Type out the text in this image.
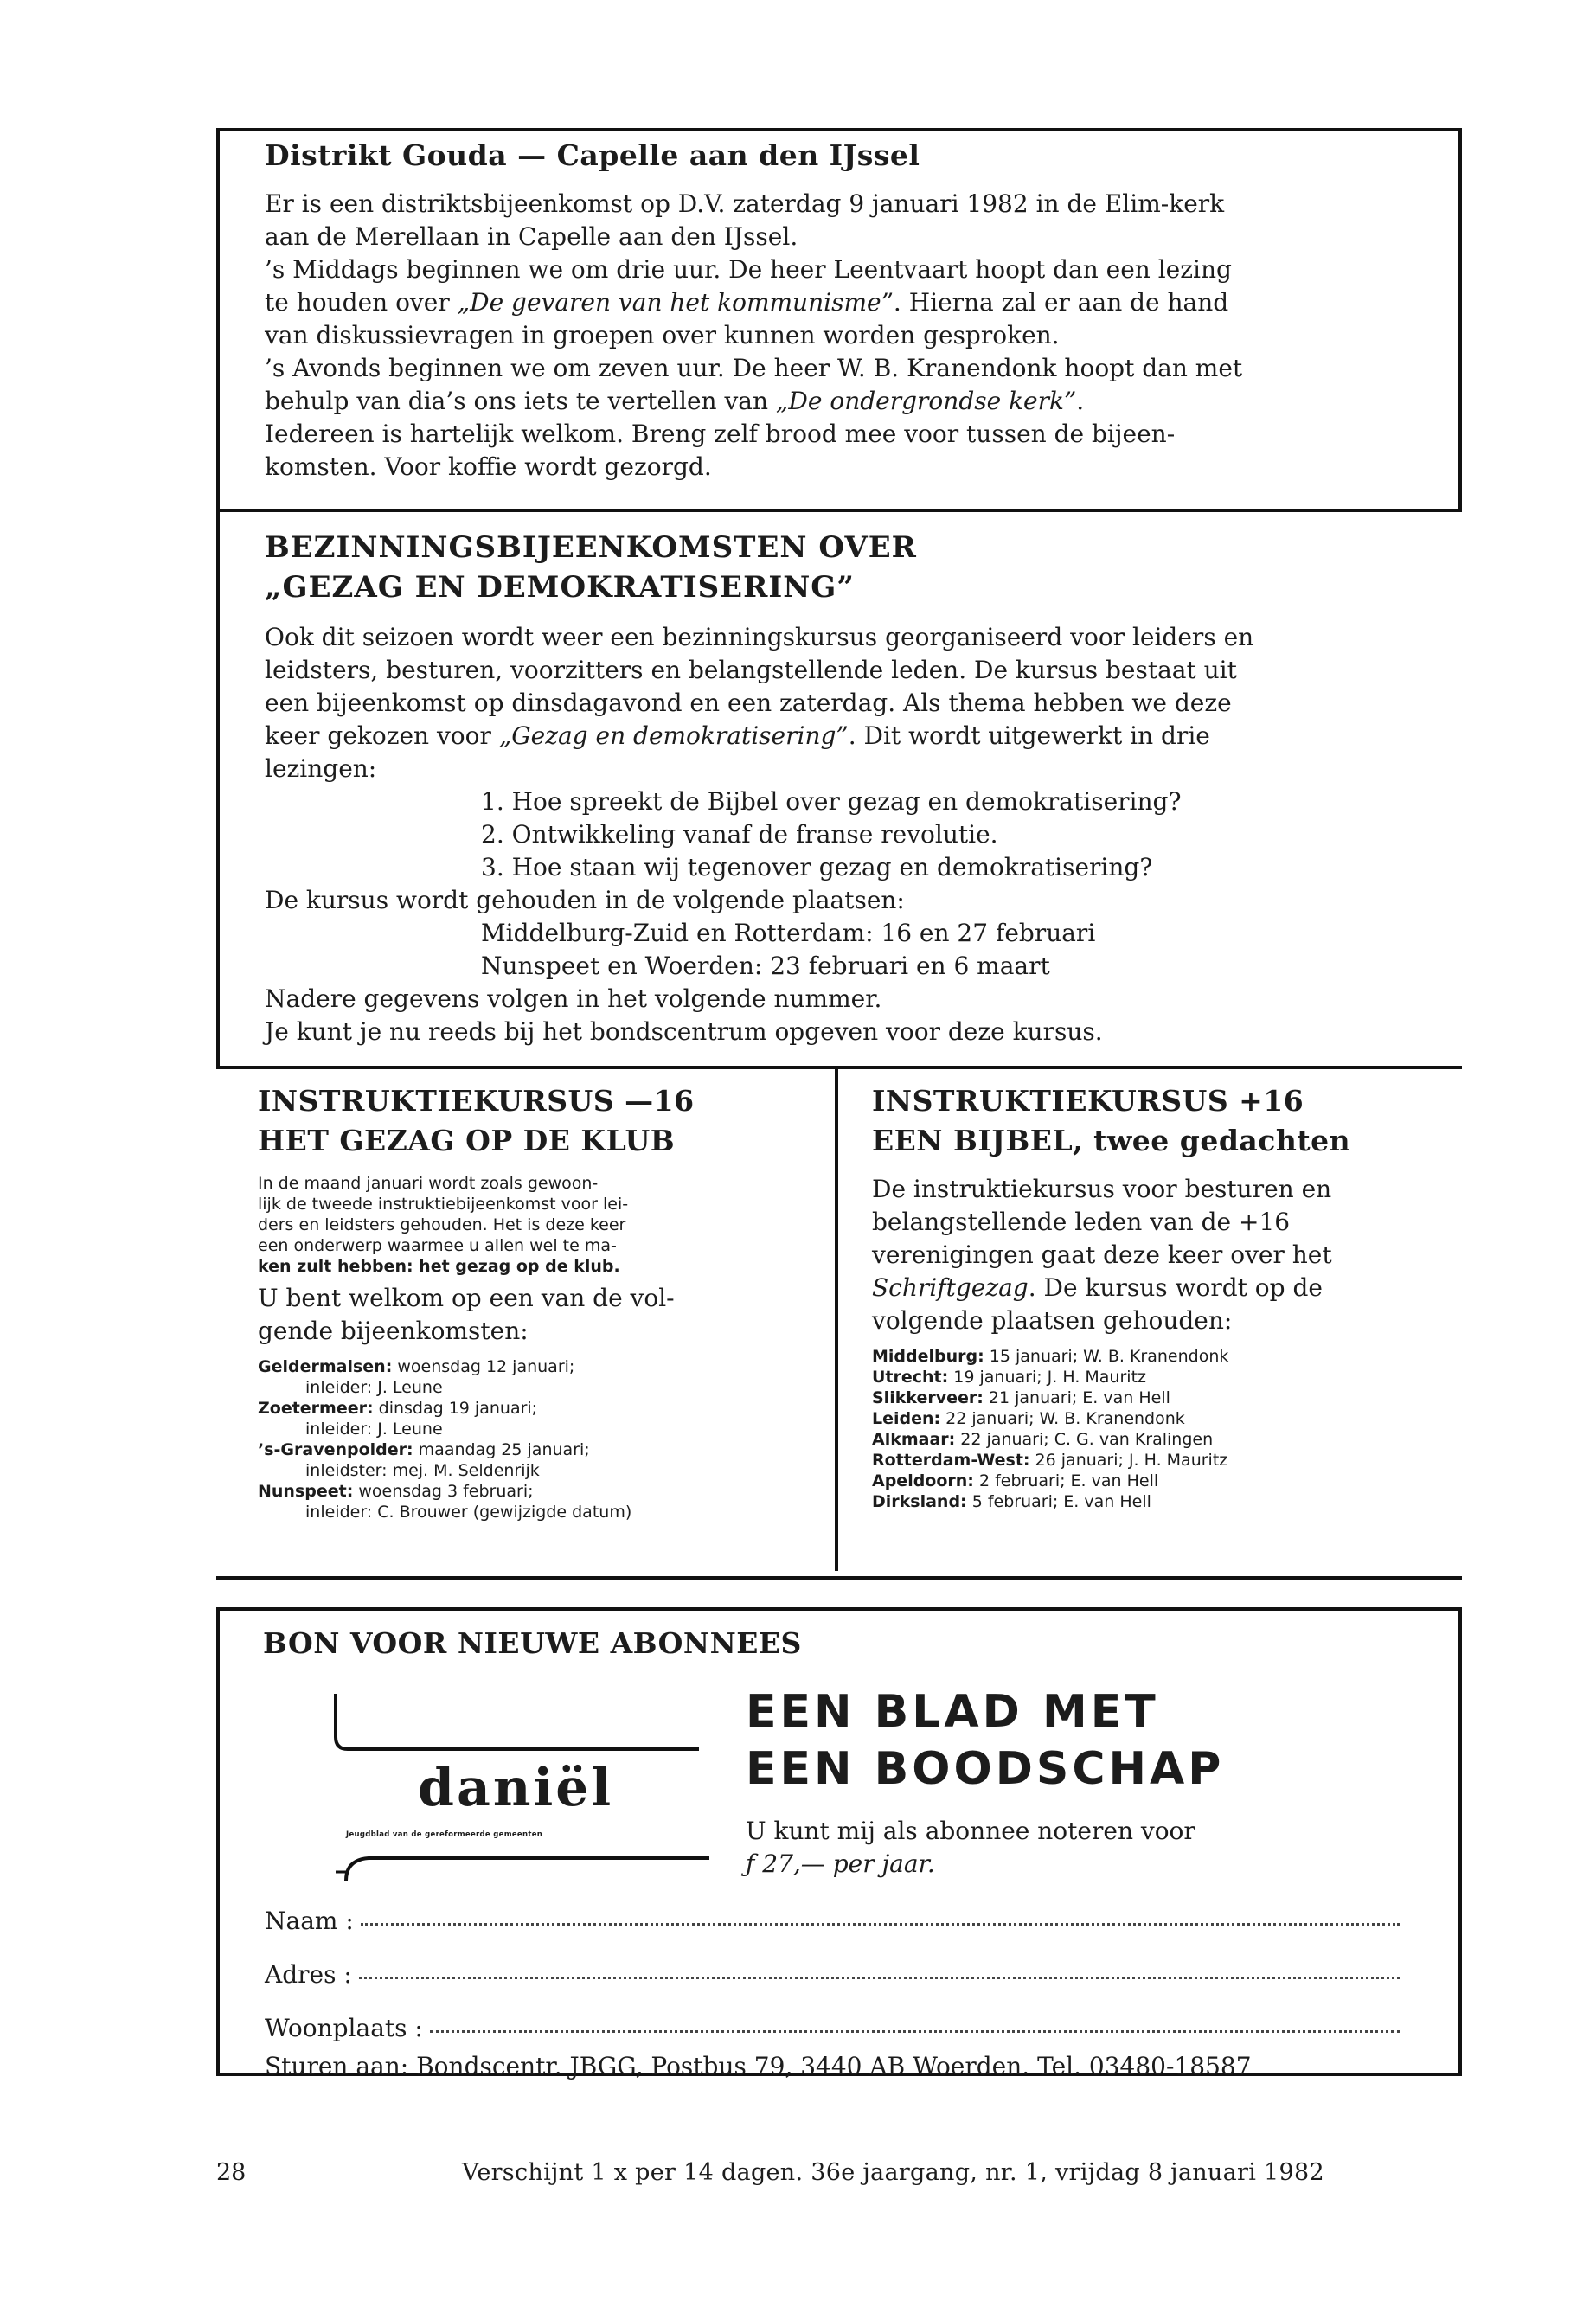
Distrikt Gouda — Capelle aan den IJssel

Er is een distriktsbijeenkomst op D.V. zaterdag 9 januari 1982 in de Elim-kerk

aan de Merellaan in Capelle aan den IJssel.

’s Middags beginnen we om drie uur. De heer Leentvaart hoopt dan een lezing

te houden over „De gevaren van het kommunisme”. Hierna zal er aan de hand

van diskussievragen in groepen over kunnen worden gesproken.

’s Avonds beginnen we om zeven uur. De heer W. B. Kranendonk hoopt dan met

behulp van dia’s ons iets te vertellen van „De ondergrondse kerk”.

Iedereen is hartelijk welkom. Breng zelf brood mee voor tussen de bijeen-

komsten. Voor koffie wordt gezorgd.

BEZINNINGSBIJEENKOMSTEN OVER
„GEZAG EN DEMOKRATISERING”

Ook dit seizoen wordt weer een bezinningskursus georganiseerd voor leiders en

leidsters, besturen, voorzitters en belangstellende leden. De kursus bestaat uit

een bijeenkomst op dinsdagavond en een zaterdag. Als thema hebben we deze

keer gekozen voor „Gezag en demokratisering”. Dit wordt uitgewerkt in drie

lezingen:

1. Hoe spreekt de Bijbel over gezag en demokratisering?
2. Ontwikkeling vanaf de franse revolutie.
3. Hoe staan wij tegenover gezag en demokratisering?

De kursus wordt gehouden in de volgende plaatsen:

Middelburg-Zuid en Rotterdam: 16 en 27 februari

Nunspeet en Woerden: 23 februari en 6 maart

Nadere gegevens volgen in het volgende nummer.

Je kunt je nu reeds bij het bondscentrum opgeven voor deze kursus.

INSTRUKTIEKURSUS —16
HET GEZAG OP DE KLUB

In de maand januari wordt zoals gewoon-

lijk de tweede instruktiebijeenkomst voor lei-

ders en leidsters gehouden. Het is deze keer

een onderwerp waarmee u allen wel te ma-

ken zult hebben: het gezag op de klub.

U bent welkom op een van de vol-
gende bijeenkomsten:

Geldermalsen: woensdag 12 januari;

inleider: J. Leune

Zoetermeer: dinsdag 19 januari;

inleider: J. Leune

’s-Gravenpolder: maandag 25 januari;

inleidster: mej. M. Seldenrijk

Nunspeet: woensdag 3 februari;

inleider: C. Brouwer (gewijzigde datum)

INSTRUKTIEKURSUS +16
EEN BIJBEL, twee gedachten
De instruktiekursus voor besturen en
belangstellende leden van de +16
verenigingen gaat deze keer over het
Schriftgezag. De kursus wordt op de
volgende plaatsen gehouden:

Middelburg: 15 januari; W. B. Kranendonk

Utrecht: 19 januari; J. H. Mauritz

Slikkerveer: 21 januari; E. van Hell

Leiden: 22 januari; W. B. Kranendonk

Alkmaar: 22 januari; C. G. van Kralingen

Rotterdam-West: 26 januari; J. H. Mauritz

Apeldoorn: 2 februari; E. van Hell

Dirksland: 5 februari; E. van Hell

BON VOOR NIEUWE ABONNEES
daniël
Jeugdblad van de gereformeerde gemeenten

EEN BLAD MET
EEN BOODSCHAP

U kunt mij als abonnee noteren voor
ƒ 27,— per jaar.

Naam :
Adres :
Woonplaats :

Sturen aan: Bondscentr. JBGG, Postbus 79, 3440 AB Woerden. Tel. 03480-18587

28	Verschijnt 1 x per 14 dagen. 36e jaargang, nr. 1, vrijdag 8 januari 1982
